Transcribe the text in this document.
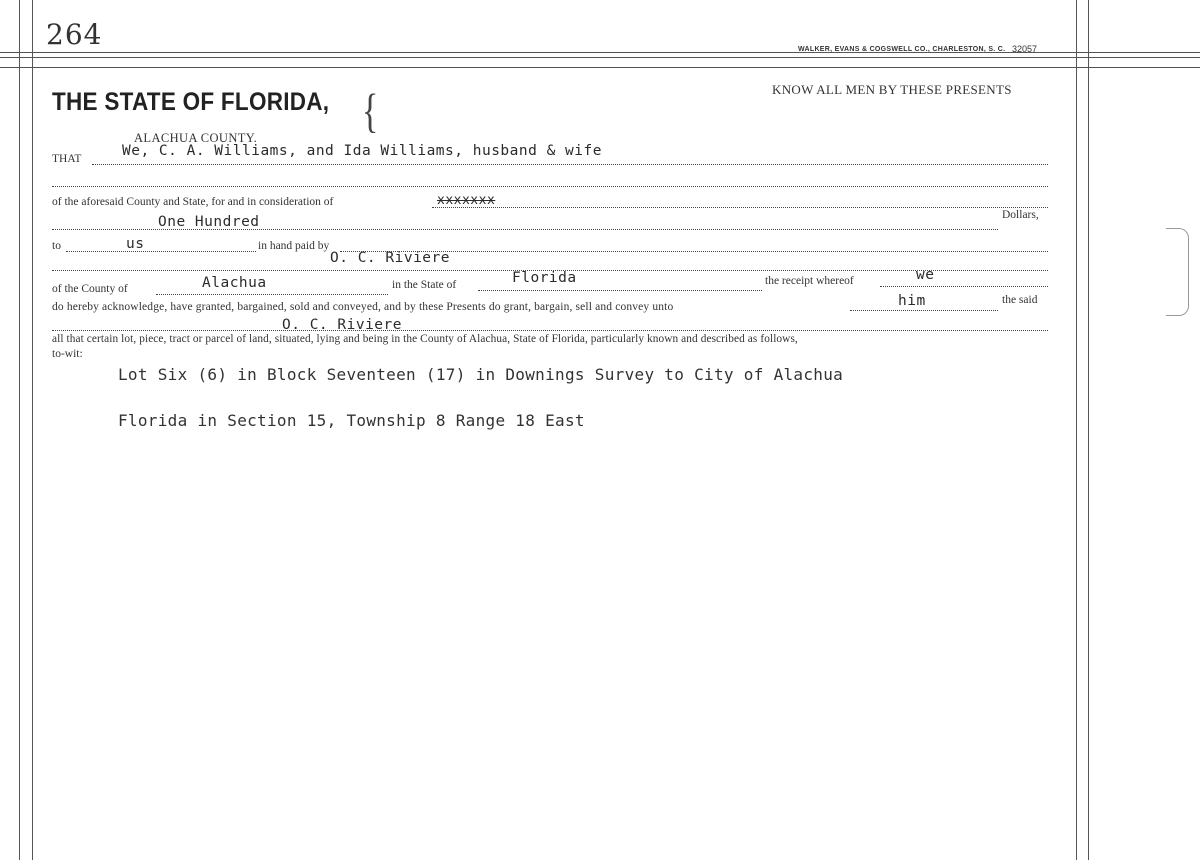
264	WALKER, EVANS & COGSWELL CO., CHARLESTON, S. C. 32057
THE STATE OF FLORIDA, {	KNOW ALL MEN BY THESE PRESENTS
ALACHUA COUNTY.
THAT	We, C. A. Williams, and Ida Williams, husband & wife
of the aforesaid County and State, for and in consideration of	xxxxxxx
One Hundred	Dollars,
to	us	in hand paid by
O. C. Riviere
of the County of	Alachua	in the State of	Florida	the receipt whereof	we
do hereby acknowledge, have granted, bargained, sold and conveyed, and by these Presents do grant, bargain, sell and convey unto	him	the said
O. C. Riviere
all that certain lot, piece, tract or parcel of land, situated, lying and being in the County of Alachua, State of Florida, particularly known and described as follows,
to-wit:
Lot Six (6) in Block Seventeen (17) in Downings Survey to City of Alachua
Florida in Section 15, Township 8 Range 18 East
